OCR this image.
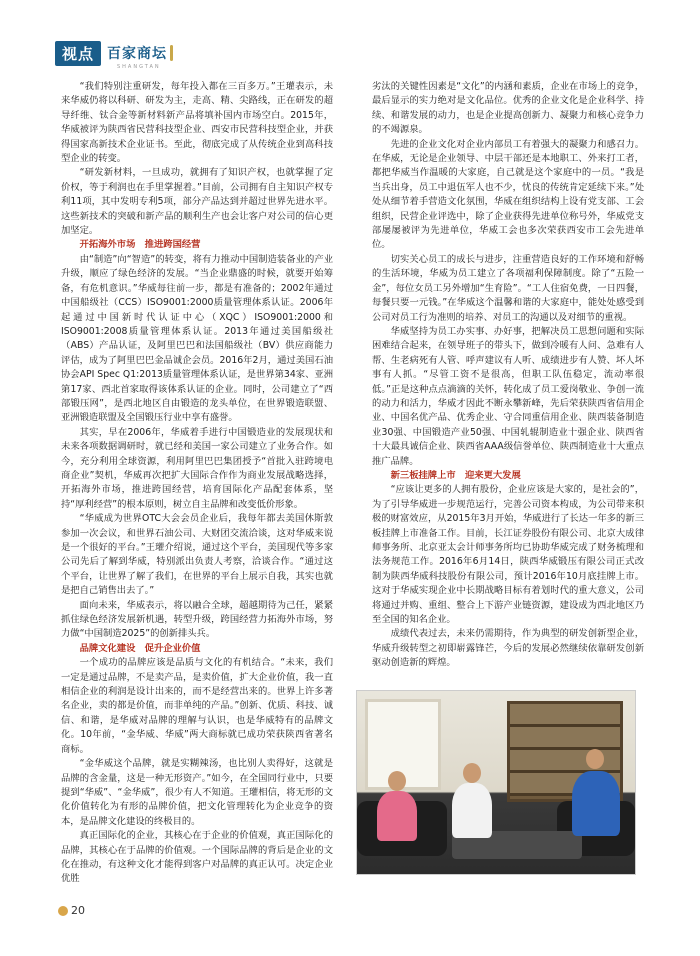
视点 百家商坛
SHANGTAN

“我们特别注重研发，每年投入都在三百多万。”王瓘表示，未来华威仍将以科研、研发为主，走高、精、尖路线，正在研发的超导纤维、钛合金等新材料新产品将填补国内市场空白。2015年，华威被评为陕西省民营科技型企业、西安市民营科技型企业，并获得国家高新技术企业证书。至此，彻底完成了从传统企业到高科技型企业的转变。

“研发新材料，一旦成功，就拥有了知识产权，也就掌握了定价权，等于利润也在手里掌握着。”目前，公司拥有自主知识产权专利11项，其中发明专利5项，部分产品达到并超过世界先进水平。这些新技术的突破和新产品的顺利生产也会让客户对公司的信心更加坚定。

开拓海外市场　推进跨国经营

由“制造”向“智造”的转变，将有力推动中国制造装备业的产业升级，顺应了绿色经济的发展。“当企业鼎盛的时候，就要开始筹备，有危机意识。”华威每往前一步，都是有准备的；2002年通过中国船级社（CCS）ISO9001:2000质量管理体系认证。2006年起通过中国新时代认证中心（XQC）ISO9001:2000和ISO9001:2008质量管理体系认证。2013年通过美国船级社（ABS）产品认证，及阿里巴巴和法国船级社（BV）供应商能力评估，成为了阿里巴巴金品诚企会员。2016年2月，通过美国石油协会API Spec Q1:2013质量管理体系认证，是世界第34家、亚洲第17家、西北首家取得该体系认证的企业。同时，公司建立了“西部锻压网”，是西北地区自由锻造的龙头单位，在世界锻造联盟、亚洲锻造联盟及全国锻压行业中享有盛誉。

其实，早在2006年，华威着手进行中国锻造业的发展现状和未来各项数据调研时，就已经和美国一家公司建立了业务合作。如今，充分利用全球资源，利用阿里巴巴集团授予“首批入驻跨境电商企业”契机，华威再次把扩大国际合作作为商业发展战略选择，开拓海外市场，推进跨国经营，培育国际化产品配套体系，坚持“厚利经营”的根本原则，树立自主品牌和改变低价形象。

“华威成为世界OTC大会会员企业后，我每年都去美国休斯敦参加一次会议，和世界石油公司、大财团交流洽谈，这对华威来说是一个很好的平台。”王瓘介绍说，通过这个平台，美国现代等多家公司先后了解到华威，特别派出负责人考察，洽谈合作。“通过这个平台，让世界了解了我们，在世界的平台上展示自我，其实也就是把自己销售出去了。”

面向未来，华威表示，将以融合全球，超越期待为己任，紧紧抓住绿色经济发展新机遇，转型升级，跨国经营力拓海外市场，努力做“中国制造2025”的创新排头兵。

品牌文化建设　促升企业价值

一个成功的品牌应该是品质与文化的有机结合。“未来，我们一定是通过品牌，不是卖产品，是卖价值，扩大企业价值，我一直相信企业的利润是设计出来的，而不是经营出来的。世界上许多著名企业，卖的都是价值，而非单纯的产品。”创新、优质、科技、诚信、和谐，是华威对品牌的理解与认识，也是华威特有的品牌文化。10年前，“金华威、华威”两大商标就已成功荣获陕西省著名商标。

“金华威这个品牌，就是实糊辣汤，也比别人卖得好，这就是品牌的含金量，这是一种无形资产。”如今，在全国同行业中，只要提到“华威”、“金华威”，很少有人不知道。王瓘相信，将无形的文化价值转化为有形的品牌价值，把文化管理转化为企业竞争的资本，是品牌文化建设的终极目的。

真正国际化的企业，其核心在于企业的价值观，真正国际化的品牌，其核心在于品牌的价值观。一个国际品牌的背后是企业的文化在推动，有这种文化才能得到客户对品牌的真正认可。决定企业优胜

劣汰的关键性因素是“文化”的内涵和素质，企业在市场上的竞争，最后显示的实力绝对是文化品位。优秀的企业文化是企业科学、持续、和谐发展的动力，也是企业提高创新力、凝聚力和核心竞争力的不竭源泉。

先进的企业文化对企业内部员工有着强大的凝聚力和感召力。在华威，无论是企业领导、中层干部还是本地职工、外来打工者，都把华威当作温暖的大家庭，自己就是这个家庭中的一员。“我是当兵出身，员工中退伍军人也不少，忧良的传统肯定延续下来。”处处从细节着手营造文化氛围，华威在组织结构上设有党支部、工会组织，民营企业评选中，除了企业获得先进单位称号外，华威党支部屡屡被评为先进单位，华威工会也多次荣获西安市工会先进单位。

切实关心员工的成长与进步，注重营造良好的工作环境和舒畅的生活环境，华威为员工建立了各项福利保障制度。除了“五险一金”，每位女员工另外增加“生育险”。“工人住宿免费，一日四餐，每餐只要一元钱。”在华威这个温馨和谐的大家庭中，能处处感受到公司对员工行为准则的培养、对员工的沟通以及对细节的重视。

华威坚持为员工办实事、办好事，把解决员工思想问题和实际困难结合起来，在领导班子的带头下，做到冷暖有人问、急难有人帮、生老病死有人管、呼声建议有人听、成绩进步有人赞、坏人坏事有人抓。“尽管工资不是很高，但职工队伍稳定，流动率很低。”正是这种点点滴滴的关怀，转化成了员工爱岗敬业、争创一流的动力和活力，华威才因此不断永攀新峰，先后荣获陕西省信用企业、中国名优产品、优秀企业、守合同重信用企业、陕西装备制造业30强、中国锻造产业50强、中国轧辊制造业十强企业、陕西省十大最具诚信企业、陕西省AAA级信誉单位、陕西制造业十大重点推广品牌。

新三板挂牌上市　迎来更大发展

“应该让更多的人拥有股份，企业应该是大家的，是社会的”，为了引导华威进一步规范运行，完善公司资本构成，为公司带来积极的财富效应，从2015年3月开始，华威进行了长达一年多的新三板挂牌上市准备工作。目前，长江证券股份有限公司、北京大成律师事务所、北京亚太会计师事务所均已协助华威完成了财务梳理和法务规范工作。2016年6月14日，陕西华威锻压有限公司正式改制为陕西华威科技股份有限公司，预计2016年10月底挂牌上市。这对于华威实现企业中长期战略目标有着划时代的重大意义，公司将通过并购、重组、整合上下游产业链资源，建设成为西北地区乃至全国的知名企业。

成绩代表过去，未来仍需期待，作为典型的研发创新型企业，华威升级转型之初即崭露锋芒，今后的发展必然继续依靠研发创新驱动创造新的辉煌。

20
